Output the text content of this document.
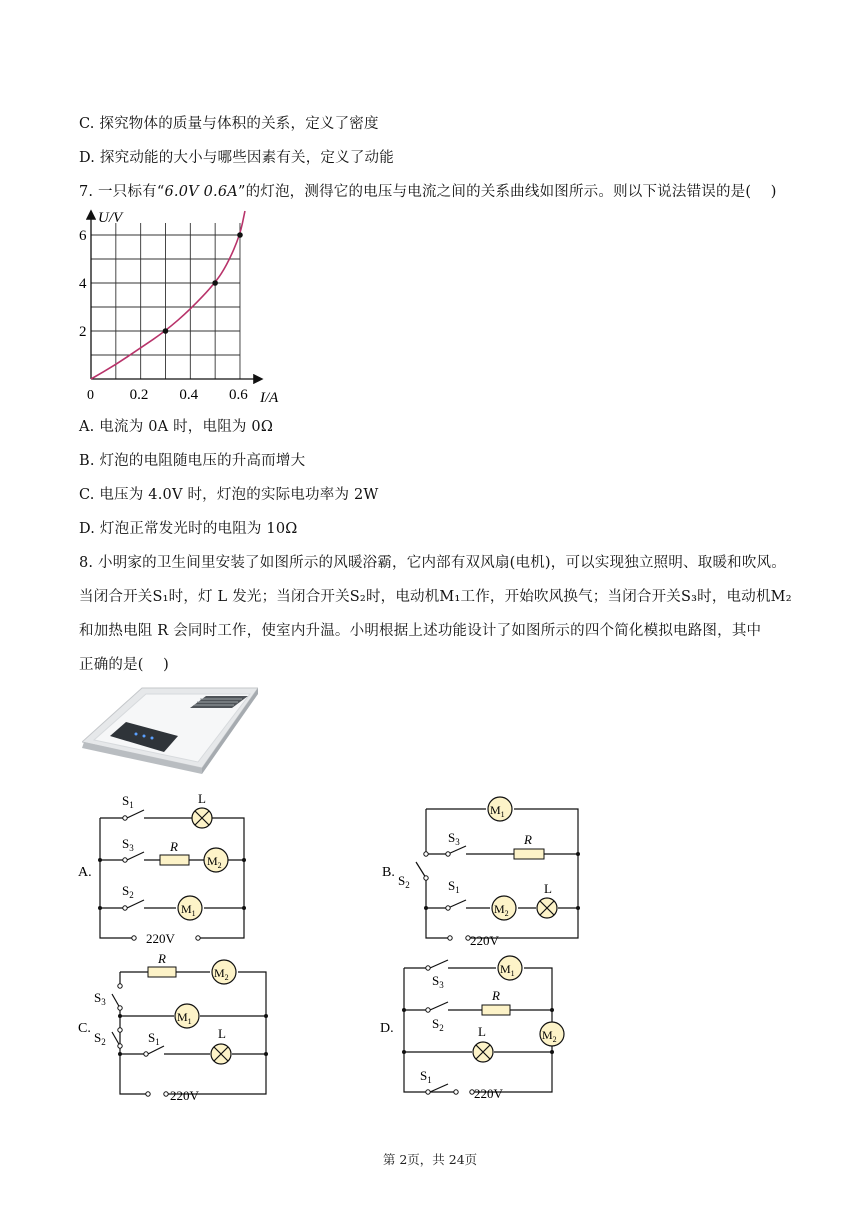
C. 探究物体的质量与体积的关系，定义了密度
D. 探究动能的大小与哪些因素有关，定义了动能
7. 一只标有“6.0V 0.6A”的灯泡，测得它的电压与电流之间的关系曲线如图所示。则以下说法错误的是(　 )
U/V
I/A
0
2
4
6
0.2 0.4 0.6
A. 电流为 0A 时，电阻为 0Ω
B. 灯泡的电阻随电压的升高而增大
C. 电压为 4.0V 时，灯泡的实际电功率为 2W
D. 灯泡正常发光时的电阻为 10Ω
8. 小明家的卫生间里安装了如图所示的风暖浴霸，它内部有双风扇(电机)，可以实现独立照明、取暖和吹风。
当闭合开关S₁时，灯 L 发光；当闭合开关S₂时，电动机M₁工作，开始吹风换气；当闭合开关S₃时，电动机M₂
和加热电阻 R 会同时工作，使室内升温。小明根据上述功能设计了如图所示的四个简化模拟电路图，其中
正确的是(　 )
A.
$S_1$
$S_3$
$S_2$
L
R
$M_2$
$M_1$
220V
B.
$M_1$
$S_3$	R
$S_2$	$S_1$
$M_2$
L
220V
R
$M_2$
$S_3$
$M_1$
C.
$S_2$	$S_1$
L
220V
$S_3$
$M_1$
R
$S_2$	$M_2$
D.	L
$S_1$
220V
第 2页，共 24页
